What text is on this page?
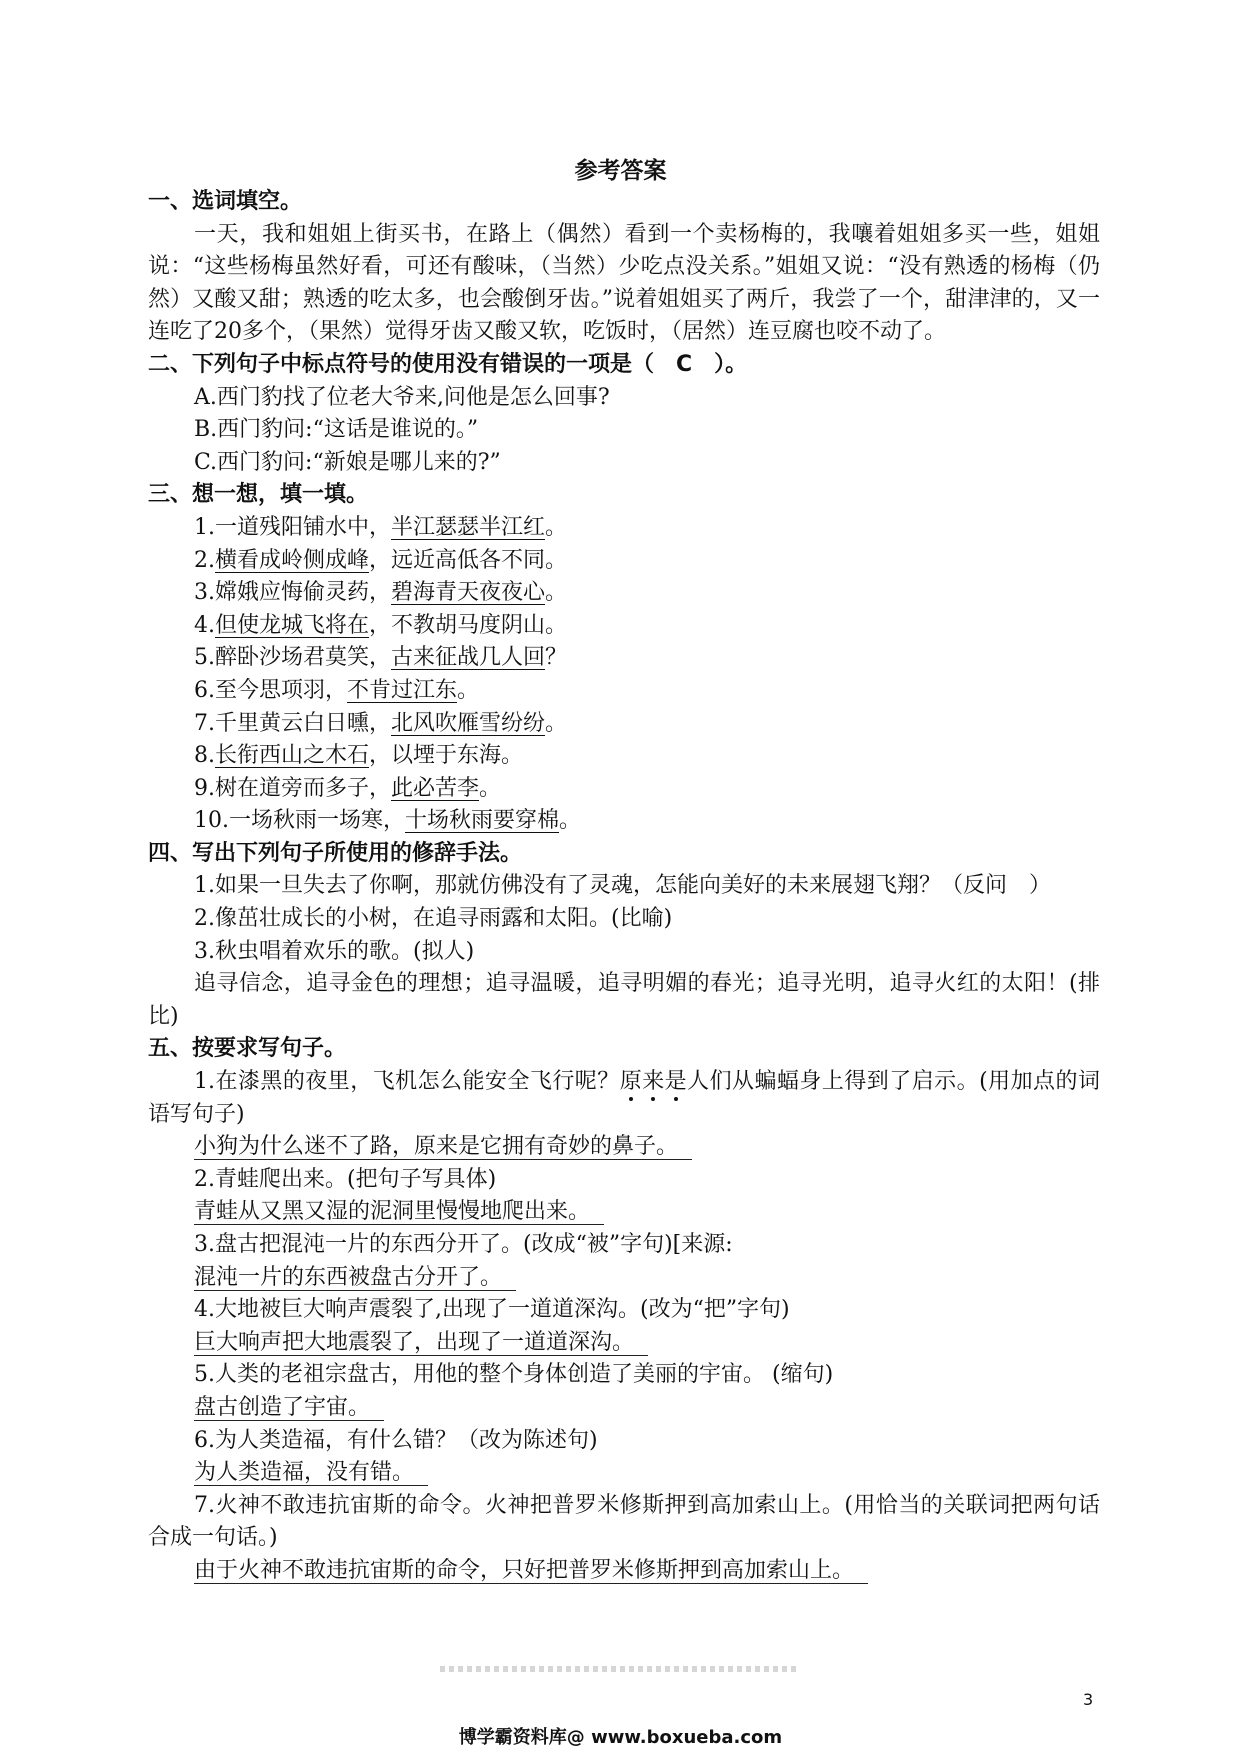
参考答案

一、选词填空。

一天，我和姐姐上街买书，在路上（偶然）看到一个卖杨梅的，我嚷着姐姐多买一些，姐姐说：“这些杨梅虽然好看，可还有酸味，（当然）少吃点没关系。”姐姐又说：“没有熟透的杨梅（仍然）又酸又甜；熟透的吃太多，也会酸倒牙齿。”说着姐姐买了两斤，我尝了一个，甜津津的，又一连吃了20多个，（果然）觉得牙齿又酸又软，吃饭时，（居然）连豆腐也咬不动了。

二、下列句子中标点符号的使用没有错误的一项是（　C　）。

A.西门豹找了位老大爷来,问他是怎么回事?

B.西门豹问:“这话是谁说的。”

C.西门豹问:“新娘是哪儿来的?”

三、想一想，填一填。

1.一道残阳铺水中，半江瑟瑟半江红。

2.横看成岭侧成峰，远近高低各不同。

3.嫦娥应悔偷灵药，碧海青天夜夜心。

4.但使龙城飞将在，不教胡马度阴山。

5.醉卧沙场君莫笑，古来征战几人回？

6.至今思项羽，不肯过江东。

7.千里黄云白日曛，北风吹雁雪纷纷。

8.长衔西山之木石，以堙于东海。

9.树在道旁而多子，此必苦李。

10.一场秋雨一场寒，十场秋雨要穿棉。

四、写出下列句子所使用的修辞手法。

1.如果一旦失去了你啊，那就仿佛没有了灵魂，怎能向美好的未来展翅飞翔？（反问　）

2.像茁壮成长的小树，在追寻雨露和太阳。(比喻)

3.秋虫唱着欢乐的歌。(拟人)

追寻信念，追寻金色的理想；追寻温暖，追寻明媚的春光；追寻光明，追寻火红的太阳！(排比)

五、按要求写句子。

1.在漆黑的夜里，飞机怎么能安全飞行呢？原来是人们从蝙蝠身上得到了启示。(用加点的词语写句子)

小狗为什么迷不了路，原来是它拥有奇妙的鼻子。

2.青蛙爬出来。(把句子写具体)

青蛙从又黑又湿的泥洞里慢慢地爬出来。

3.盘古把混沌一片的东西分开了。(改成“被”字句)[来源:

混沌一片的东西被盘古分开了。

4.大地被巨大响声震裂了,出现了一道道深沟。(改为“把”字句)

巨大响声把大地震裂了，出现了一道道深沟。

5.人类的老祖宗盘古，用他的整个身体创造了美丽的宇宙。 (缩句)

盘古创造了宇宙。

6.为人类造福，有什么错？（改为陈述句)

为人类造福，没有错。

7.火神不敢违抗宙斯的命令。火神把普罗米修斯押到高加索山上。(用恰当的关联词把两句话合成一句话。)

由于火神不敢违抗宙斯的命令，只好把普罗米修斯押到高加索山上。

3
博学霸资料库@ www.boxueba.com
